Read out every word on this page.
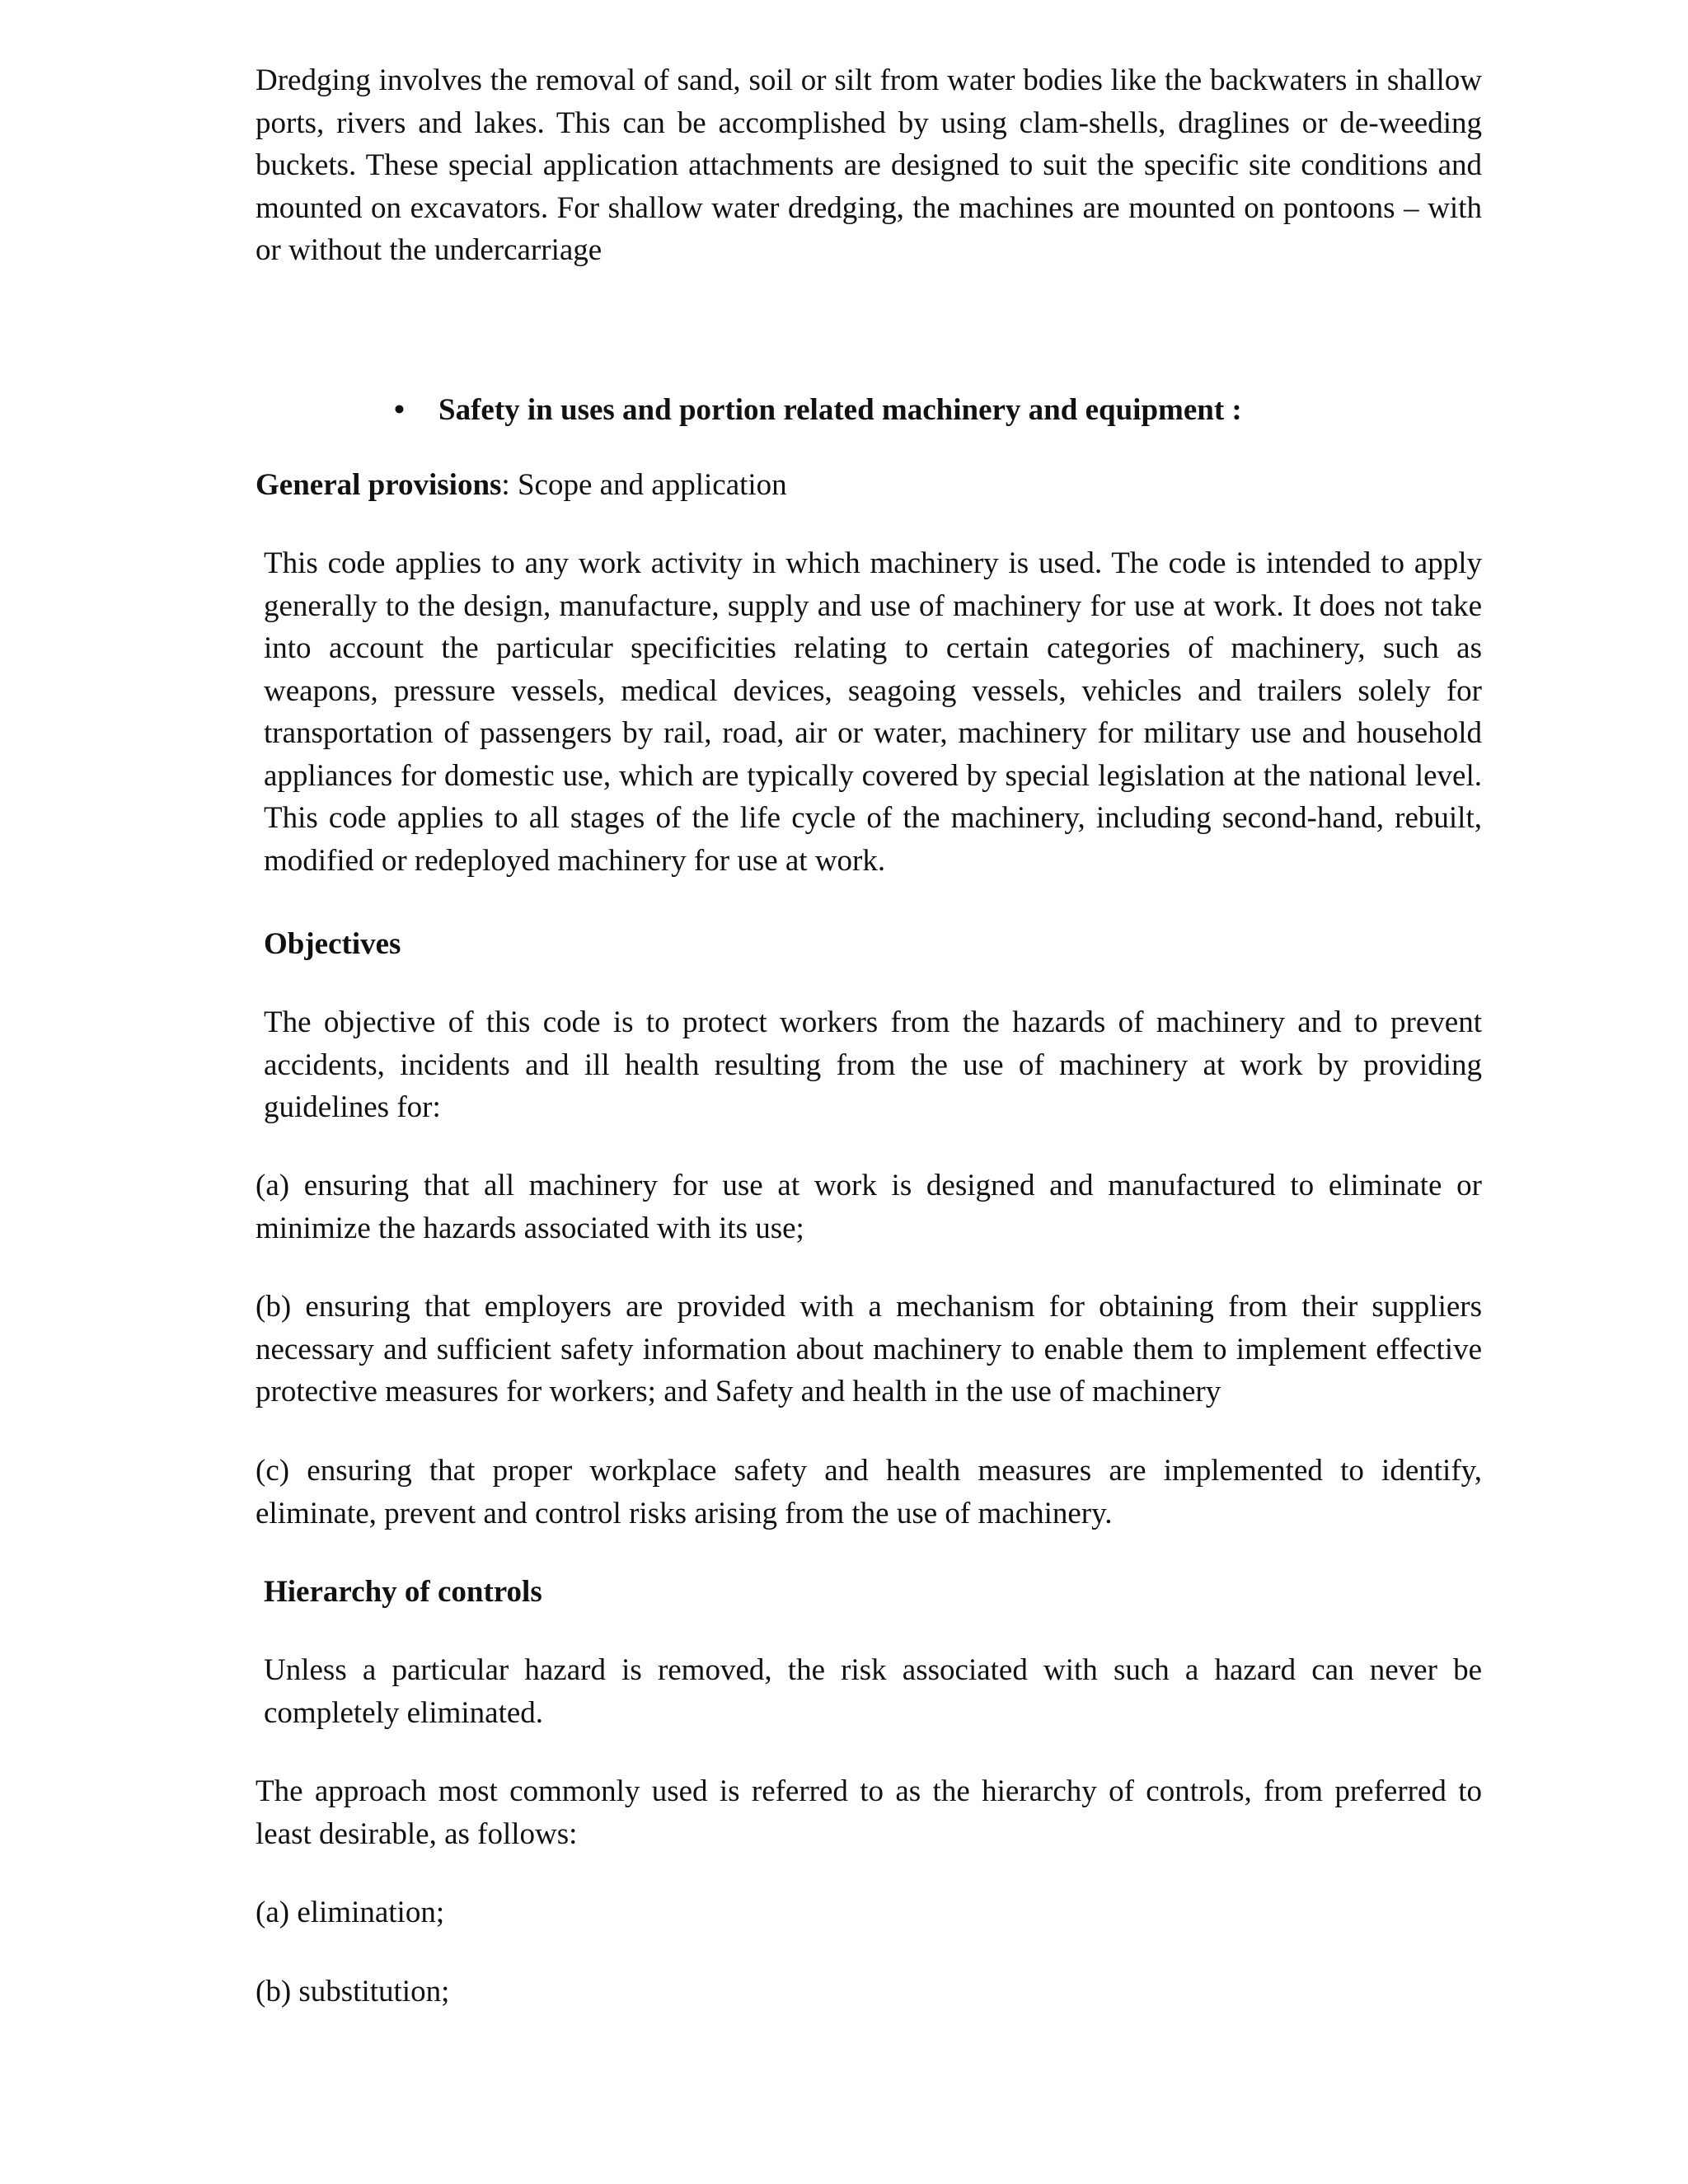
Dredging involves the removal of sand, soil or silt from water bodies like the backwaters in shallow ports, rivers and lakes. This can be accomplished by using clam-shells, draglines or de-weeding buckets. These special application attachments are designed to suit the specific site conditions and mounted on excavators. For shallow water dredging, the machines are mounted on pontoons – with or without the undercarriage

• Safety in uses and portion related machinery and equipment :

General provisions: Scope and application

This code applies to any work activity in which machinery is used. The code is intended to apply generally to the design, manufacture, supply and use of machinery for use at work. It does not take into account the particular specificities relating to certain categories of machinery, such as weapons, pressure vessels, medical devices, seagoing vessels, vehicles and trailers solely for transportation of passengers by rail, road, air or water, machinery for military use and household appliances for domestic use, which are typically covered by special legislation at the national level. This code applies to all stages of the life cycle of the machinery, including second-hand, rebuilt, modified or redeployed machinery for use at work.

Objectives

The objective of this code is to protect workers from the hazards of machinery and to prevent accidents, incidents and ill health resulting from the use of machinery at work by providing guidelines for:

(a) ensuring that all machinery for use at work is designed and manufactured to eliminate or minimize the hazards associated with its use;

(b) ensuring that employers are provided with a mechanism for obtaining from their suppliers necessary and sufficient safety information about machinery to enable them to implement effective protective measures for workers; and Safety and health in the use of machinery

(c) ensuring that proper workplace safety and health measures are implemented to identify, eliminate, prevent and control risks arising from the use of machinery.

Hierarchy of controls

Unless a particular hazard is removed, the risk associated with such a hazard can never be completely eliminated.

The approach most commonly used is referred to as the hierarchy of controls, from preferred to least desirable, as follows:

(a) elimination;

(b) substitution;
